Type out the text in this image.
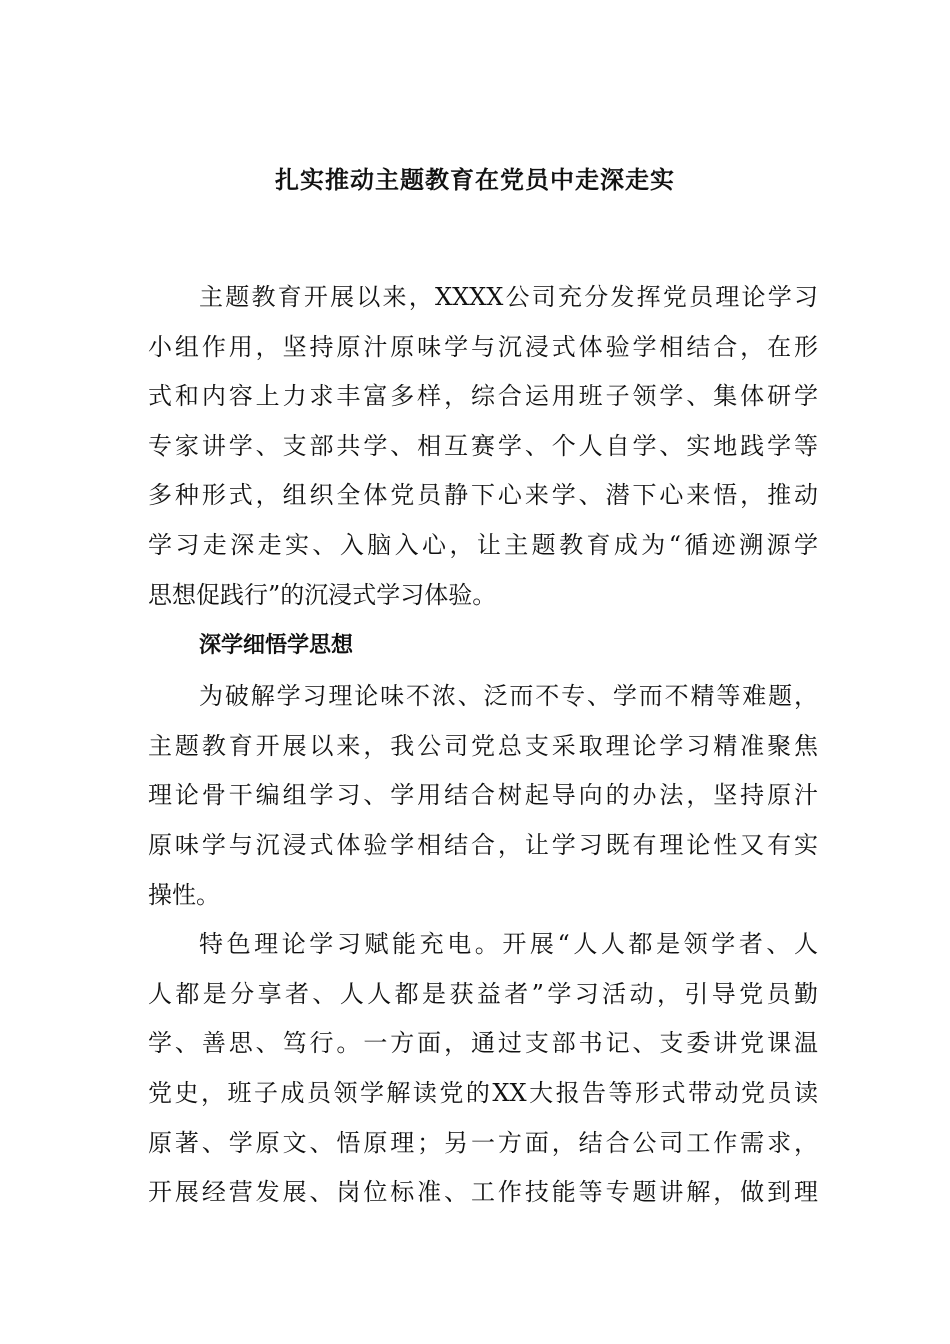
扎实推动主题教育在党员中走深走实
主题教育开展以来，XXXX公司充分发挥党员理论学习
小组作用，坚持原汁原味学与沉浸式体验学相结合，在形
式和内容上力求丰富多样，综合运用班子领学、集体研学
专家讲学、支部共学、相互赛学、个人自学、实地践学等
多种形式，组织全体党员静下心来学、潜下心来悟，推动
学习走深走实、入脑入心，让主题教育成为“循迹溯源学
思想促践行”的沉浸式学习体验。
深学细悟学思想
为破解学习理论味不浓、泛而不专、学而不精等难题，
主题教育开展以来，我公司党总支采取理论学习精准聚焦
理论骨干编组学习、学用结合树起导向的办法，坚持原汁
原味学与沉浸式体验学相结合，让学习既有理论性又有实
操性。
特色理论学习赋能充电。开展“人人都是领学者、人
人都是分享者、人人都是获益者”学习活动，引导党员勤
学、善思、笃行。一方面，通过支部书记、支委讲党课温
党史，班子成员领学解读党的XX大报告等形式带动党员读
原著、学原文、悟原理；另一方面，结合公司工作需求，
开展经营发展、岗位标准、工作技能等专题讲解，做到理
